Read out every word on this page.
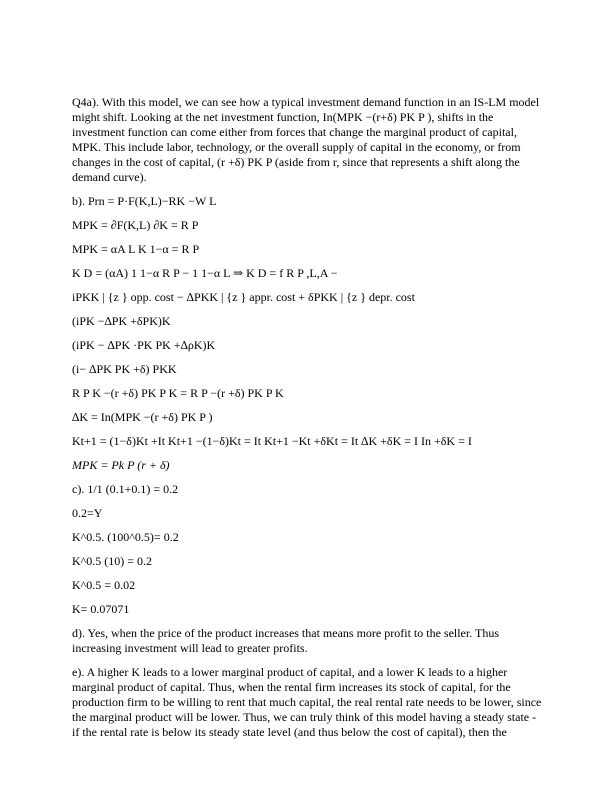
Q4a). With this model, we can see how a typical investment demand function in an IS-LM model might shift. Looking at the net investment function, In(MPK −(r+δ) PK P ), shifts in the investment function can come either from forces that change the marginal product of capital, MPK. This include labor, technology, or the overall supply of capital in the economy, or from changes in the cost of capital, (r +δ) PK P (aside from r, since that represents a shift along the demand curve).

b). Prn = P·F(K,L)−RK −W L

MPK = ∂F(K,L) ∂K = R P

MPK = αA L K 1−α = R P

K D = (αA) 1 1−α R P − 1 1−α L ⇒ K D = f R P ,L,A −

iPKK | {z } opp. cost − ∆PKK | {z } appr. cost + δPKK | {z } depr. cost

(iPK −∆PK +δPK)K

(iPK − ∆PK ·PK PK +∆ρK)K

(i− ∆PK PK +δ) PKK

R P K −(r +δ) PK P K = R P −(r +δ) PK P K

∆K = In(MPK −(r +δ) PK P )

Kt+1 = (1−δ)Kt +It Kt+1 −(1−δ)Kt = It Kt+1 −Kt +δKt = It ∆K +δK = I In +δK = I

MPK = Pk P (r + δ)

c). 1/1 (0.1+0.1) = 0.2

0.2=Y

K^0.5. (100^0.5)= 0.2

K^0.5 (10) = 0.2

K^0.5 = 0.02

K= 0.07071

d). Yes, when the price of the product increases that means more profit to the seller. Thus increasing investment will lead to greater profits.

e). A higher K leads to a lower marginal product of capital, and a lower K leads to a higher marginal product of capital. Thus, when the rental firm increases its stock of capital, for the production firm to be willing to rent that much capital, the real rental rate needs to be lower, since the marginal product will be lower. Thus, we can truly think of this model having a steady state - if the rental rate is below its steady state level (and thus below the cost of capital), then the
